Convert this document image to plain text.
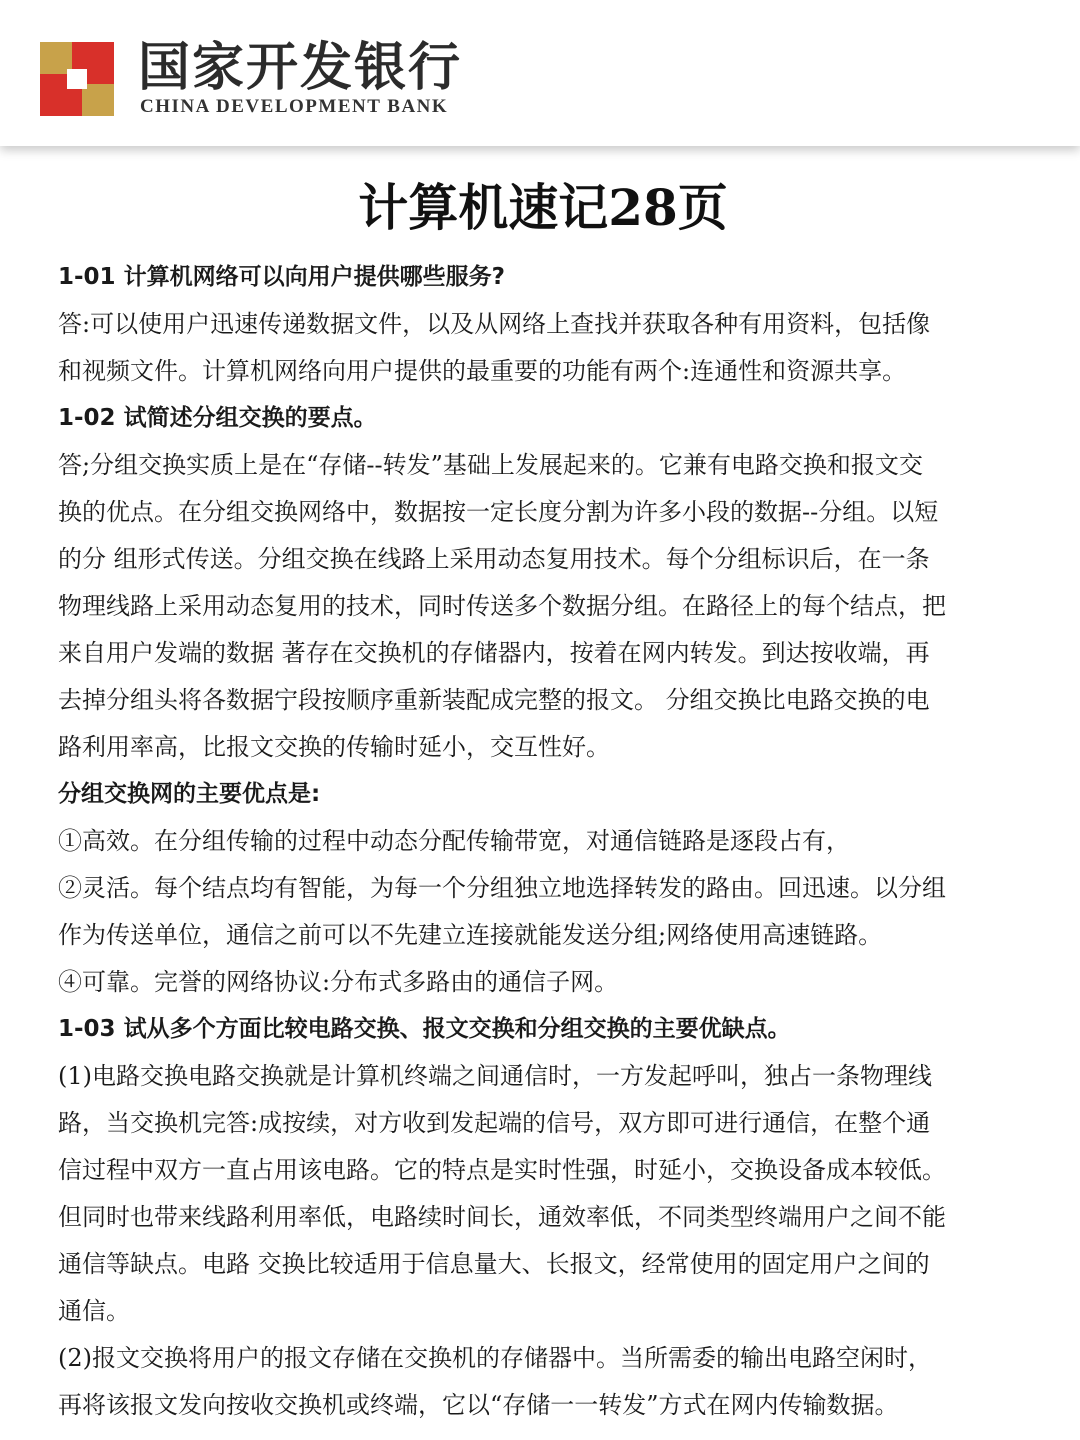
国家开发银行
CHINA DEVELOPMENT BANK
计算机速记28页
1-01 计算机网络可以向用户提供哪些服务?
答:可以使用户迅速传递数据文件，以及从网络上查找并获取各种有用资料，包括像
和视频文件。计算机网络向用户提供的最重要的功能有两个:连通性和资源共享。
1-02 试简述分组交换的要点。
答;分组交换实质上是在“存储--转发”基础上发展起来的。它兼有电路交换和报文交
换的优点。在分组交换网络中，数据按一定长度分割为许多小段的数据--分组。以短
的分 组形式传送。分组交换在线路上采用动态复用技术。每个分组标识后，在一条
物理线路上采用动态复用的技术，同时传送多个数据分组。在路径上的每个结点，把
来自用户发端的数据 著存在交换机的存储器内，按着在网内转发。到达按收端，再
去掉分组头将各数据宁段按顺序重新装配成完整的报文。 分组交换比电路交换的电
路利用率高，比报文交换的传输时延小，交互性好。
分组交换网的主要优点是:
①高效。在分组传输的过程中动态分配传输带宽，对通信链路是逐段占有，
②灵活。每个结点均有智能，为每一个分组独立地选择转发的路由。回迅速。以分组
作为传送单位，通信之前可以不先建立连接就能发送分组;网络使用高速链路。
④可靠。完誉的网络协议:分布式多路由的通信子网。
1-03 试从多个方面比较电路交换、报文交换和分组交换的主要优缺点。
(1)电路交换电路交换就是计算机终端之间通信时，一方发起呼叫，独占一条物理线
路，当交换机完答:成按续，对方收到发起端的信号，双方即可进行通信，在整个通
信过程中双方一直占用该电路。它的特点是实时性强，时延小，交换设备成本较低。
但同时也带来线路利用率低，电路续时间长，通效率低，不同类型终端用户之间不能
通信等缺点。电路 交换比较适用于信息量大、长报文，经常使用的固定用户之间的
通信。
(2)报文交换将用户的报文存储在交换机的存储器中。当所需委的输出电路空闲时，
再将该报文发向按收交换机或终端，它以“存储一一转发”方式在网内传输数据。
